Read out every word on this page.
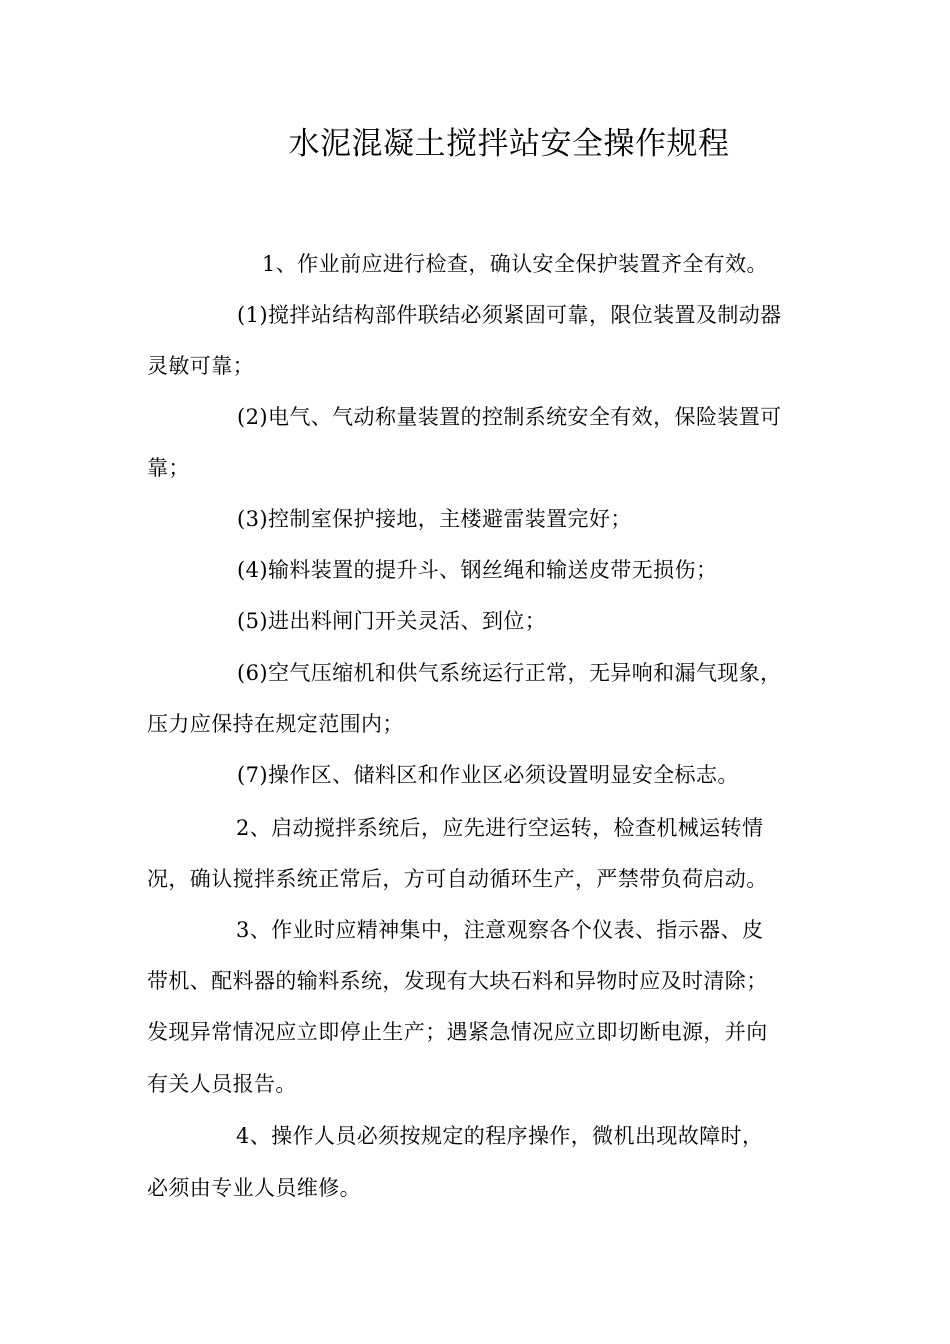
水泥混凝土搅拌站安全操作规程
1、作业前应进行检查，确认安全保护装置齐全有效。
(1)搅拌站结构部件联结必须紧固可靠，限位装置及制动器
灵敏可靠；
(2)电气、气动称量装置的控制系统安全有效，保险装置可
靠；
(3)控制室保护接地，主楼避雷装置完好；
(4)输料装置的提升斗、钢丝绳和输送皮带无损伤；
(5)进出料闸门开关灵活、到位；
(6)空气压缩机和供气系统运行正常，无异响和漏气现象，
压力应保持在规定范围内；
(7)操作区、储料区和作业区必须设置明显安全标志。
2、启动搅拌系统后，应先进行空运转，检查机械运转情
况，确认搅拌系统正常后，方可自动循环生产，严禁带负荷启动。
3、作业时应精神集中，注意观察各个仪表、指示器、皮
带机、配料器的输料系统，发现有大块石料和异物时应及时清除；
发现异常情况应立即停止生产；遇紧急情况应立即切断电源，并向
有关人员报告。
4、操作人员必须按规定的程序操作，微机出现故障时，
必须由专业人员维修。
